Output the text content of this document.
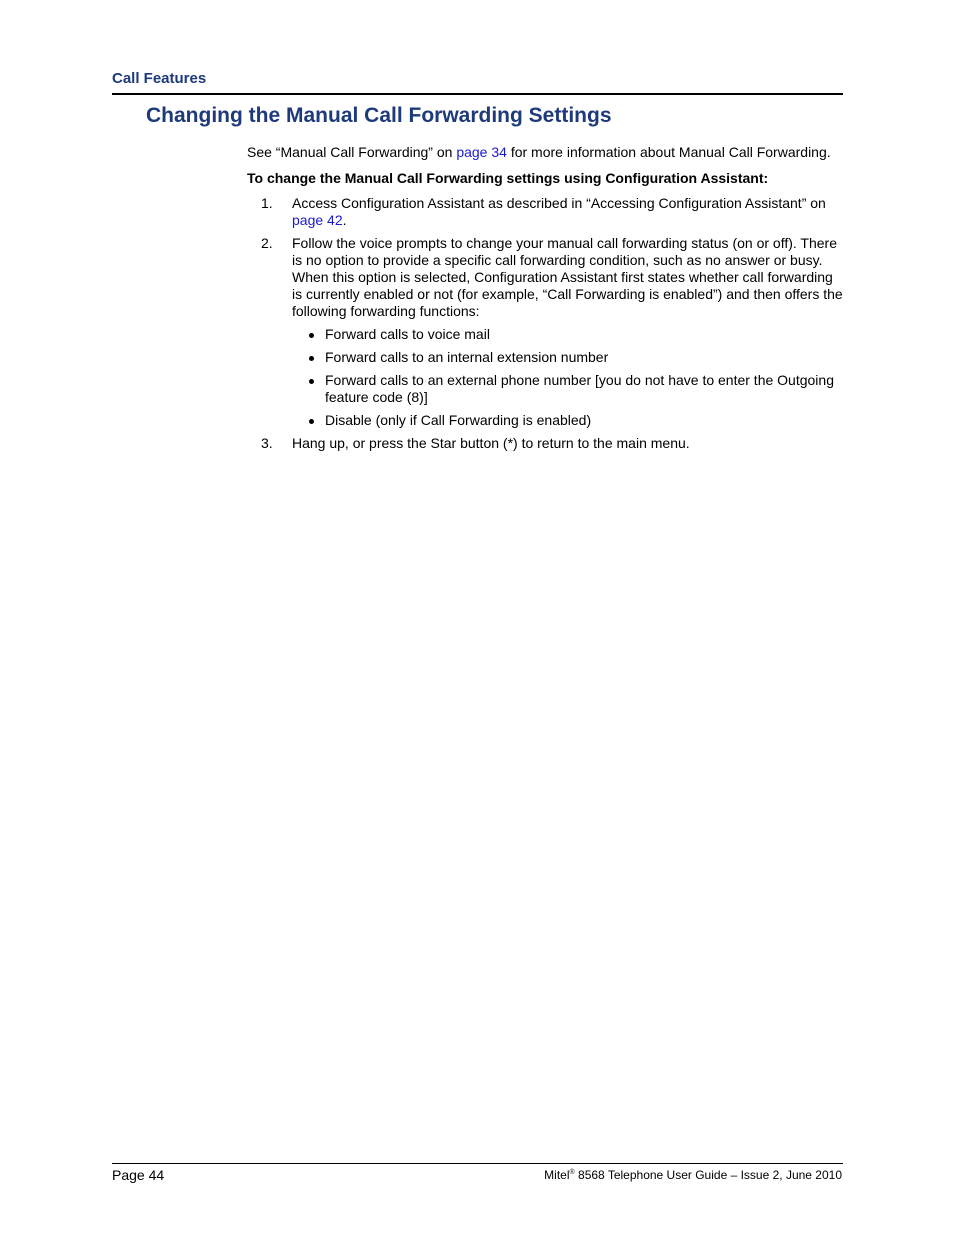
Call Features
Changing the Manual Call Forwarding Settings

See “Manual Call Forwarding” on page 34 for more information about Manual Call Forwarding.

To change the Manual Call Forwarding settings using Configuration Assistant:

1. Access Configuration Assistant as described in “Accessing Configuration Assistant” on page 42.
2. Follow the voice prompts to change your manual call forwarding status (on or off). There is no option to provide a specific call forwarding condition, such as no answer or busy. When this option is selected, Configuration Assistant first states whether call forwarding is currently enabled or not (for example, “Call Forwarding is enabled”) and then offers the following forwarding functions:
Forward calls to voice mail
Forward calls to an internal extension number
Forward calls to an external phone number [you do not have to enter the Outgoing feature code (8)]
Disable (only if Call Forwarding is enabled)
3. Hang up, or press the Star button (*) to return to the main menu.
Page 44	Mitel® 8568 Telephone User Guide – Issue 2, June 2010
